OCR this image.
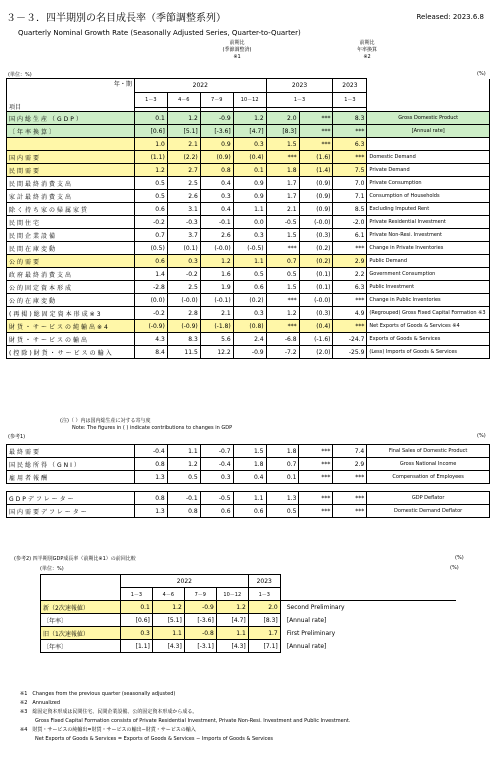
３－３．四半期別の名目成長率（季節調整系列）	Released: 2023.6.8
Quarterly Nominal Growth Rate (Seasonally Adjusted Series, Quarter-to-Quarter)
前期比
(季節調整済)
※1
前期比
年率換算
※2
(単位：%)	(%)
年・期
項目	2022				2023		2023	
	1－3	4－6	7－9	10－12	1－3		1－3	

国内総生産（GDP）	0.1	1.2	-0.9	1.2	2.0	***	8.3	Gross Domestic Product
〔年率換算〕	[0.6]	[5.1]	[-3.6]	[4.7]	[8.3]	***	***	[Annual rate]
	1.0	2.1	0.9	0.3	1.5	***	6.3	
国内需要	(1.1)	(2.2)	(0.9)	(0.4)	***	(1.6)	***	Domestic Demand
民間需要	1.2	2.7	0.8	0.1	1.8	(1.4)	7.5	Private Demand
民間最終消費支出	0.5	2.5	0.4	0.9	1.7	(0.9)	7.0	Private Consumption
家計最終消費支出	0.5	2.6	0.3	0.9	1.7	(0.9)	7.1	Consumption of Households
除く持ち家の帰属家賃	0.6	3.1	0.4	1.1	2.1	(0.9)	8.5	Excluding Imputed Rent
民間住宅	-0.2	-0.3	-0.1	0.0	-0.5	(-0.0)	-2.0	Private Residential Investment
民間企業設備	0.7	3.7	2.6	0.3	1.5	(0.3)	6.1	Private Non-Resi. Investment
民間在庫変動	(0.5)	(0.1)	(-0.0)	(-0.5)	***	(0.2)	***	Change in Private Inventories
公的需要	0.6	0.3	1.2	1.1	0.7	(0.2)	2.9	Public Demand
政府最終消費支出	1.4	-0.2	1.6	0.5	0.5	(0.1)	2.2	Government Consumption
公的固定資本形成	-2.8	2.5	1.9	0.6	1.5	(0.1)	6.3	Public Investment
公的在庫変動	(0.0)	(-0.0)	(-0.1)	(0.2)	***	(-0.0)	***	Change in Public Inventories
(再掲)総固定資本形成※3	-0.2	2.8	2.1	0.3	1.2	(0.3)	4.9	(Regrouped) Gross Fixed Capital Formation ※3
財貨・サービスの純輸出※4	(-0.9)	(-0.9)	(-1.8)	(0.8)	***	(0.4)	***	Net Exports of Goods & Services ※4
財貨・サービスの輸出	4.3	8.3	5.6	2.4	-6.8	(-1.6)	-24.7	Exports of Goods & Services
(控除)財貨・サービスの輸入	8.4	11.5	12.2	-0.9	-7.2	(2.0)	-25.9	(Less) Imports of Goods & Services
(注)（ ）内は国内総生産に対する寄与度
Note: The figures in ( ) indicate contributions to changes in GDP
(参考1)	(%)
最終需要	-0.4	1.1	-0.7	1.5	1.8	***	7.4	Final Sales of Domestic Product
国民総所得（GNI）	0.8	1.2	-0.4	1.8	0.7	***	2.9	Gross National Income
雇用者報酬	1.3	0.5	0.3	0.4	0.1	***	***	Compensation of Employees

GDPデフレーター	0.8	-0.1	-0.5	1.1	1.3	***	***	GDP Deflator
国内需要デフレーター	1.3	0.8	0.6	0.6	0.5	***	***	Domestic Demand Deflator
(参考2) 四半期別GDP成長率（前期比※1）の前回比較	(%)
(単位：%)	(%)
	2022				2023	
	1－3	4－6	7－9	10－12	1－3	
新（2次速報値）	0.1	1.2	-0.9	1.2	2.0	Second Preliminary
〔年率〕	[0.6]	[5.1]	[-3.6]	[4.7]	[8.3]	[Annual rate]
旧（1次速報値）	0.3	1.1	-0.8	1.1	1.7	First Preliminary
〔年率〕	[1.1]	[4.3]	[-3.1]	[4.3]	[7.1]	[Annual rate]
※1　Changes from the previous quarter (seasonally adjusted)
※2　Annualized
※3　総固定資本形成は民間住宅、民間企業設備、公的固定資本形成から成る。
　　　Gross Fixed Capital Formation consists of Private Residential Investment, Private Non-Resi. Investment and Public Investment.
※4　財貨・サービスの純輸出=財貨・サービスの輸出−財貨・サービスの輸入
　　　Net Exports of Goods & Services = Exports of Goods & Services − Imports of Goods & Services
